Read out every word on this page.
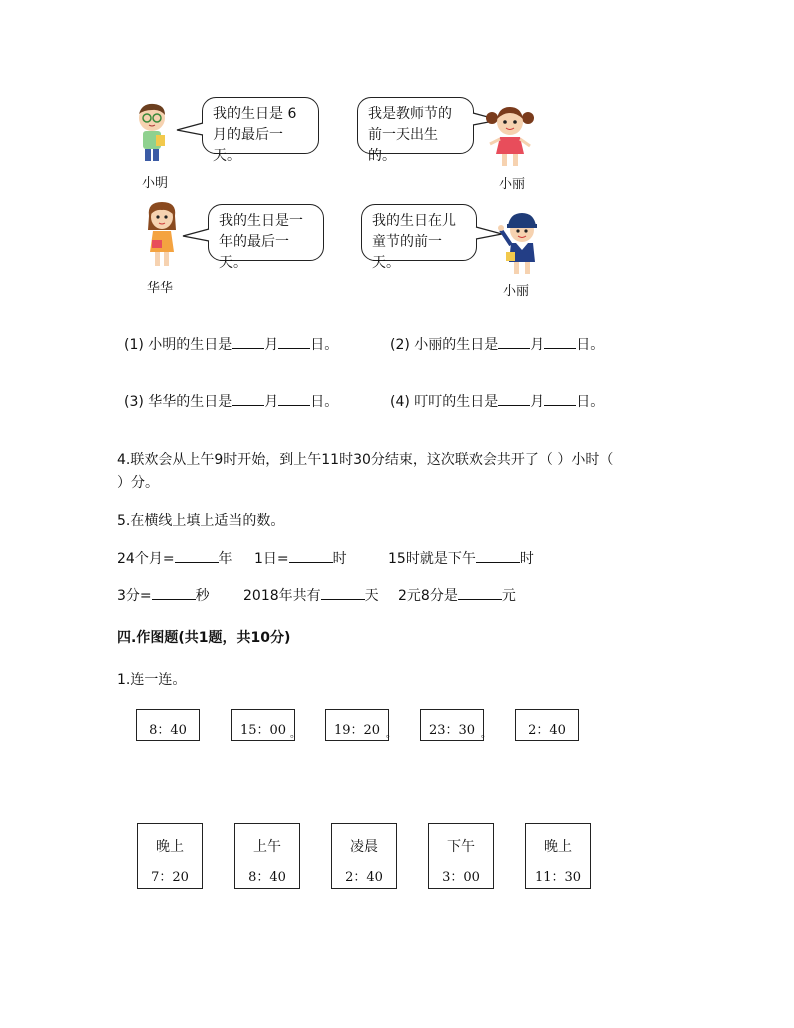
小明
我的生日是 6
月的最后一天。
我是教师节的
前一天出生的。
小丽
华华
我的生日是一
年的最后一天。
我的生日在儿
童节的前一天。
小丽
(1) 小明的生日是 月 日。	(2) 小丽的生日是 月 日。
(3) 华华的生日是 月 日。	(4) 叮叮的生日是 月 日。
4.联欢会从上午9时开始，到上午11时30分结束，这次联欢会共开了（ ）小时（
）分。
5.在横线上填上适当的数。
24个月=	年 1日=	时	15时就是下午	时
3分=	秒 2018年共有	天 2元8分是	元
四.作图题(共1题，共10分)
1.连一连。
8：40	15：00	19：20	23：30	2：40
。	。	。
晚上
7：20
上午
8：40
凌晨
2：40
下午
3：00
晚上
11：30
